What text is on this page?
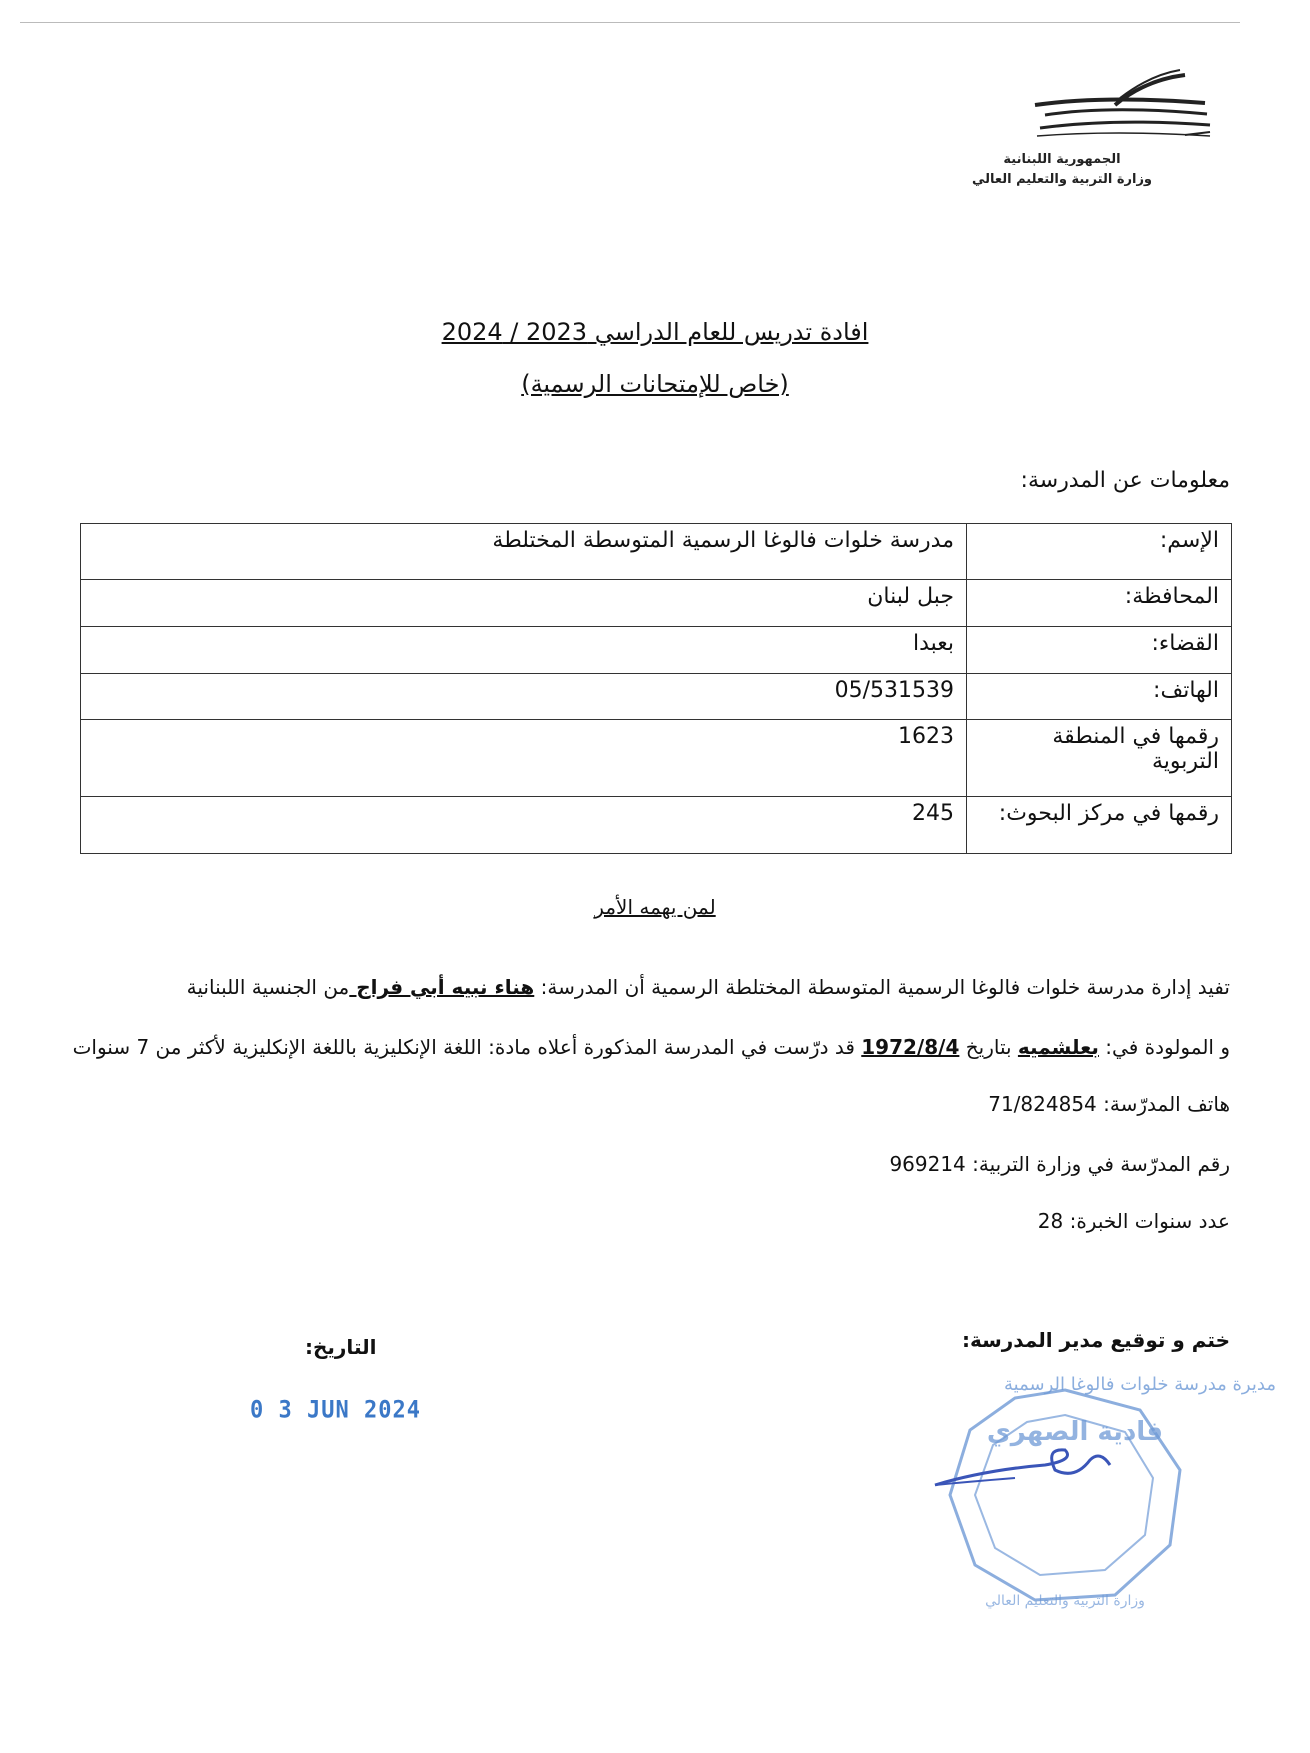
الجمهورية اللبنانية
وزارة التربية والتعليم العالي
افادة تدريس للعام الدراسي 2023 / 2024
(خاص للإمتحانات الرسمية)
معلومات عن المدرسة:
الإسم:	مدرسة خلوات فالوغا الرسمية المتوسطة المختلطة
المحافظة:	جبل لبنان
القضاء:	بعبدا
الهاتف:	05/531539
رقمها في المنطقة التربوية	1623
رقمها في مركز البحوث:	245
لمن يهمه الأمر
تفيد إدارة مدرسة خلوات فالوغا الرسمية المتوسطة المختلطة الرسمية أن المدرسة: هناء نبيه أبي فراج من الجنسية اللبنانية
و المولودة في: بعلشميه بتاريخ 1972/8/4 قد درّست في المدرسة المذكورة أعلاه مادة: اللغة الإنكليزية باللغة الإنكليزية لأكثر من 7 سنوات
هاتف المدرّسة: 71/824854
رقم المدرّسة في وزارة التربية: 969214
عدد سنوات الخبرة: 28
ختم و توقيع مدير المدرسة:
التاريخ:
0 3 JUN 2024
مديرة مدرسة خلوات فالوغا الرسمية
فادية الصهري
وزارة التربية والتعليم العالي
